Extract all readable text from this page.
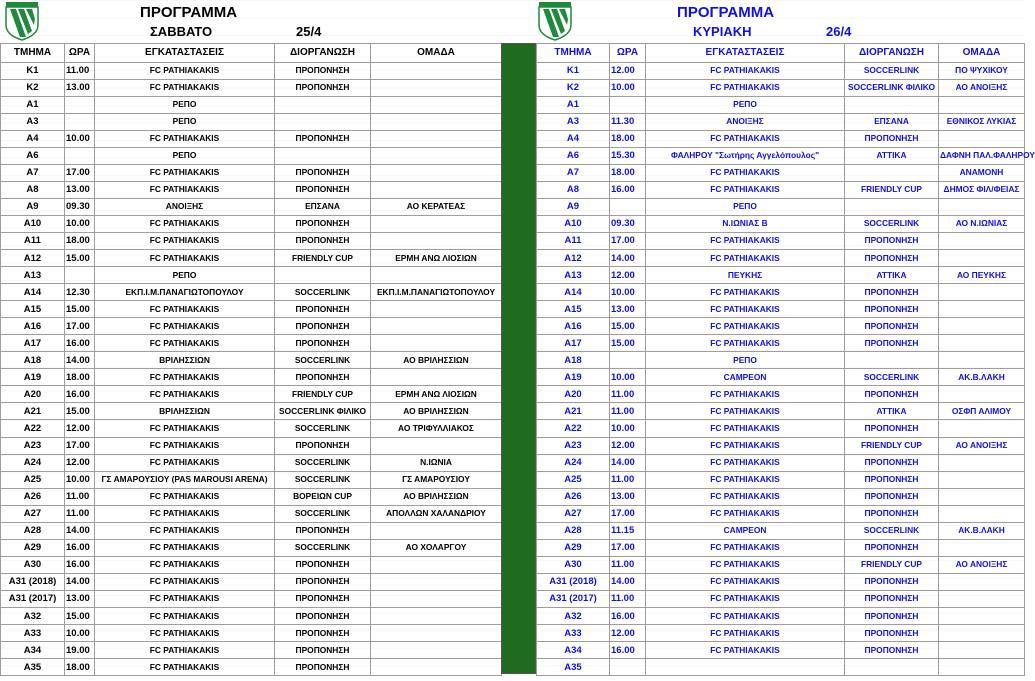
ΠΡΟΓΡΑΜΜΑ
ΣΑΒΒΑΤΟ	25/4
ΠΡΟΓΡΑΜΜΑ
ΚΥΡΙΑΚΗ	26/4
ΤΜΗΜΑ	ΩΡΑ	ΕΓΚΑΤΑΣΤΑΣΕΙΣ	ΔΙΟΡΓΑΝΩΣΗ	ΟΜΑΔΑ
K1	11.00	FC ΡΑΤΗΙΑΚΑΚΙS	ΠΡΟΠΟΝΗΣΗ	
K2	13.00	FC ΡΑΤΗΙΑΚΑΚΙS	ΠΡΟΠΟΝΗΣΗ	
A1		ΡΕΠΟ		
A3		ΡΕΠΟ		
A4	10.00	FC ΡΑΤΗΙΑΚΑΚΙS	ΠΡΟΠΟΝΗΣΗ	
A6		ΡΕΠΟ		
A7	17.00	FC ΡΑΤΗΙΑΚΑΚΙS	ΠΡΟΠΟΝΗΣΗ	
A8	13.00	FC ΡΑΤΗΙΑΚΑΚΙS	ΠΡΟΠΟΝΗΣΗ	
A9	09.30	ΑΝΟΙΞΗΣ	ΕΠΣΑΝΑ	ΑΟ ΚΕΡΑΤΕΑΣ
A10	10.00	FC ΡΑΤΗΙΑΚΑΚΙS	ΠΡΟΠΟΝΗΣΗ	
A11	18.00	FC ΡΑΤΗΙΑΚΑΚΙS	ΠΡΟΠΟΝΗΣΗ	
A12	15.00	FC ΡΑΤΗΙΑΚΑΚΙS	FRIENDLY CUP	ΕΡΜΗ ΑΝΩ ΛΙΟΣΙΩΝ
A13		ΡΕΠΟ		
A14	12.30	ΕΚΠ.Ι.Μ.ΠΑΝΑΓΙΩΤΟΠΟΥΛΟΥ	SOCCERLINK	ΕΚΠ.Ι.Μ.ΠΑΝΑΓΙΩΤΟΠΟΥΛΟΥ
A15	15.00	FC ΡΑΤΗΙΑΚΑΚΙS	ΠΡΟΠΟΝΗΣΗ	
A16	17.00	FC ΡΑΤΗΙΑΚΑΚΙS	ΠΡΟΠΟΝΗΣΗ	
A17	16.00	FC ΡΑΤΗΙΑΚΑΚΙS	ΠΡΟΠΟΝΗΣΗ	
A18	14.00	ΒΡΙΛΗΣΣΙΩΝ	SOCCERLINK	ΑΟ ΒΡΙΛΗΣΣΙΩΝ
A19	18.00	FC ΡΑΤΗΙΑΚΑΚΙS	ΠΡΟΠΟΝΗΣΗ	
A20	16.00	FC ΡΑΤΗΙΑΚΑΚΙS	FRIENDLY CUP	ΕΡΜΗ ΑΝΩ ΛΙΟΣΙΩΝ
A21	15.00	ΒΡΙΛΗΣΣΙΩΝ	SOCCERLINK ΦΙΛΙΚΟ	ΑΟ ΒΡΙΛΗΣΣΙΩΝ
A22	12.00	FC ΡΑΤΗΙΑΚΑΚΙS	SOCCERLINK	ΑΟ ΤΡΙΦΥΛΛΙΑΚΟΣ
A23	17.00	FC ΡΑΤΗΙΑΚΑΚΙS	ΠΡΟΠΟΝΗΣΗ	
A24	12.00	FC ΡΑΤΗΙΑΚΑΚΙS	SOCCERLINK	Ν.ΙΩΝΙΑ
A25	10.00	ΓΣ ΑΜΑΡΟΥΣΙΟΥ (PAS MAROUSI ARENA)	SOCCERLINK	ΓΣ ΑΜΑΡΟΥΣΙΟΥ
A26	11.00	FC ΡΑΤΗΙΑΚΑΚΙS	ΒΟΡΕΙΩΝ CUP	ΑΟ ΒΡΙΛΗΣΣΙΩΝ
A27	11.00	FC ΡΑΤΗΙΑΚΑΚΙS	SOCCERLINK	ΑΠΟΛΛΩΝ ΧΑΛΑΝΔΡΙΟΥ
A28	14.00	FC ΡΑΤΗΙΑΚΑΚΙS	ΠΡΟΠΟΝΗΣΗ	
A29	16.00	FC ΡΑΤΗΙΑΚΑΚΙS	SOCCERLINK	ΑΟ ΧΟΛΑΡΓΟΥ
A30	16.00	FC ΡΑΤΗΙΑΚΑΚΙS	ΠΡΟΠΟΝΗΣΗ	
A31 (2018)	14.00	FC ΡΑΤΗΙΑΚΑΚΙS	ΠΡΟΠΟΝΗΣΗ	
A31 (2017)	13.00	FC ΡΑΤΗΙΑΚΑΚΙS	ΠΡΟΠΟΝΗΣΗ	
A32	15.00	FC ΡΑΤΗΙΑΚΑΚΙS	ΠΡΟΠΟΝΗΣΗ	
A33	10.00	FC ΡΑΤΗΙΑΚΑΚΙS	ΠΡΟΠΟΝΗΣΗ	
A34	19.00	FC ΡΑΤΗΙΑΚΑΚΙS	ΠΡΟΠΟΝΗΣΗ	
A35	18.00	FC ΡΑΤΗΙΑΚΑΚΙS	ΠΡΟΠΟΝΗΣΗ	
ΤΜΗΜΑ	ΩΡΑ	ΕΓΚΑΤΑΣΤΑΣΕΙΣ	ΔΙΟΡΓΑΝΩΣΗ	ΟΜΑΔΑ
K1	12.00	FC ΡΑΤΗΙΑΚΑΚΙS	SOCCERLINK	ΠΟ ΨΥΧΙΚΟΥ
K2	10.00	FC ΡΑΤΗΙΑΚΑΚΙS	SOCCERLINK ΦΙΛΙΚΟ	ΑΟ ΑΝΟΙΞΗΣ
A1		ΡΕΠΟ		
A3	11.30	ΑΝΟΙΞΗΣ	ΕΠΣΑΝΑ	ΕΘΝΙΚΟΣ ΛΥΚΙΑΣ
A4	18.00	FC ΡΑΤΗΙΑΚΑΚΙS	ΠΡΟΠΟΝΗΣΗ	
A6	15.30	ΦΑΛΗΡΟΥ "Σωτήρης Αγγελόπουλος"	ΑΤΤΙΚΑ	ΔΑΦΝΗ ΠΑΛ.ΦΑΛΗΡΟΥ
A7	18.00	FC ΡΑΤΗΙΑΚΑΚΙS		ΑΝΑΜΟΝΗ
A8	16.00	FC ΡΑΤΗΙΑΚΑΚΙS	FRIENDLY CUP	ΔΗΜΟΣ ΦΙΛ/ΦΕΙΑΣ
A9		ΡΕΠΟ		
A10	09.30	Ν.ΙΩΝΙΑΣ Β	SOCCERLINK	ΑΟ Ν.ΙΩΝΙΑΣ
A11	17.00	FC ΡΑΤΗΙΑΚΑΚΙS	ΠΡΟΠΟΝΗΣΗ	
A12	14.00	FC ΡΑΤΗΙΑΚΑΚΙS	ΠΡΟΠΟΝΗΣΗ	
A13	12.00	ΠΕΥΚΗΣ	ΑΤΤΙΚΑ	ΑΟ ΠΕΥΚΗΣ
A14	10.00	FC ΡΑΤΗΙΑΚΑΚΙS	ΠΡΟΠΟΝΗΣΗ	
A15	13.00	FC ΡΑΤΗΙΑΚΑΚΙS	ΠΡΟΠΟΝΗΣΗ	
A16	15.00	FC ΡΑΤΗΙΑΚΑΚΙS	ΠΡΟΠΟΝΗΣΗ	
A17	15.00	FC ΡΑΤΗΙΑΚΑΚΙS	ΠΡΟΠΟΝΗΣΗ	
A18		ΡΕΠΟ		
A19	10.00	CAMPEON	SOCCERLINK	ΑΚ.Β.ΛΑΚΗ
A20	11.00	FC ΡΑΤΗΙΑΚΑΚΙS	ΠΡΟΠΟΝΗΣΗ	
A21	11.00	FC ΡΑΤΗΙΑΚΑΚΙS	ΑΤΤΙΚΑ	ΟΣΦΠ ΑΛΙΜΟΥ
A22	10.00	FC ΡΑΤΗΙΑΚΑΚΙS	ΠΡΟΠΟΝΗΣΗ	
A23	12.00	FC ΡΑΤΗΙΑΚΑΚΙS	FRIENDLY CUP	ΑΟ ΑΝΟΙΞΗΣ
A24	14.00	FC ΡΑΤΗΙΑΚΑΚΙS	ΠΡΟΠΟΝΗΣΗ	
A25	11.00	FC ΡΑΤΗΙΑΚΑΚΙS	ΠΡΟΠΟΝΗΣΗ	
A26	13.00	FC ΡΑΤΗΙΑΚΑΚΙS	ΠΡΟΠΟΝΗΣΗ	
A27	17.00	FC ΡΑΤΗΙΑΚΑΚΙS	ΠΡΟΠΟΝΗΣΗ	
A28	11.15	CAMPEON	SOCCERLINK	ΑΚ.Β.ΛΑΚΗ
A29	17.00	FC ΡΑΤΗΙΑΚΑΚΙS	ΠΡΟΠΟΝΗΣΗ	
A30	11.00	FC ΡΑΤΗΙΑΚΑΚΙS	FRIENDLY CUP	ΑΟ ΑΝΟΙΞΗΣ
A31 (2018)	14.00	FC ΡΑΤΗΙΑΚΑΚΙS	ΠΡΟΠΟΝΗΣΗ	
A31 (2017)	11.00	FC ΡΑΤΗΙΑΚΑΚΙS	ΠΡΟΠΟΝΗΣΗ	
A32	16.00	FC ΡΑΤΗΙΑΚΑΚΙS	ΠΡΟΠΟΝΗΣΗ	
A33	12.00	FC ΡΑΤΗΙΑΚΑΚΙS	ΠΡΟΠΟΝΗΣΗ	
A34	16.00	FC ΡΑΤΗΙΑΚΑΚΙS	ΠΡΟΠΟΝΗΣΗ	
A35				
